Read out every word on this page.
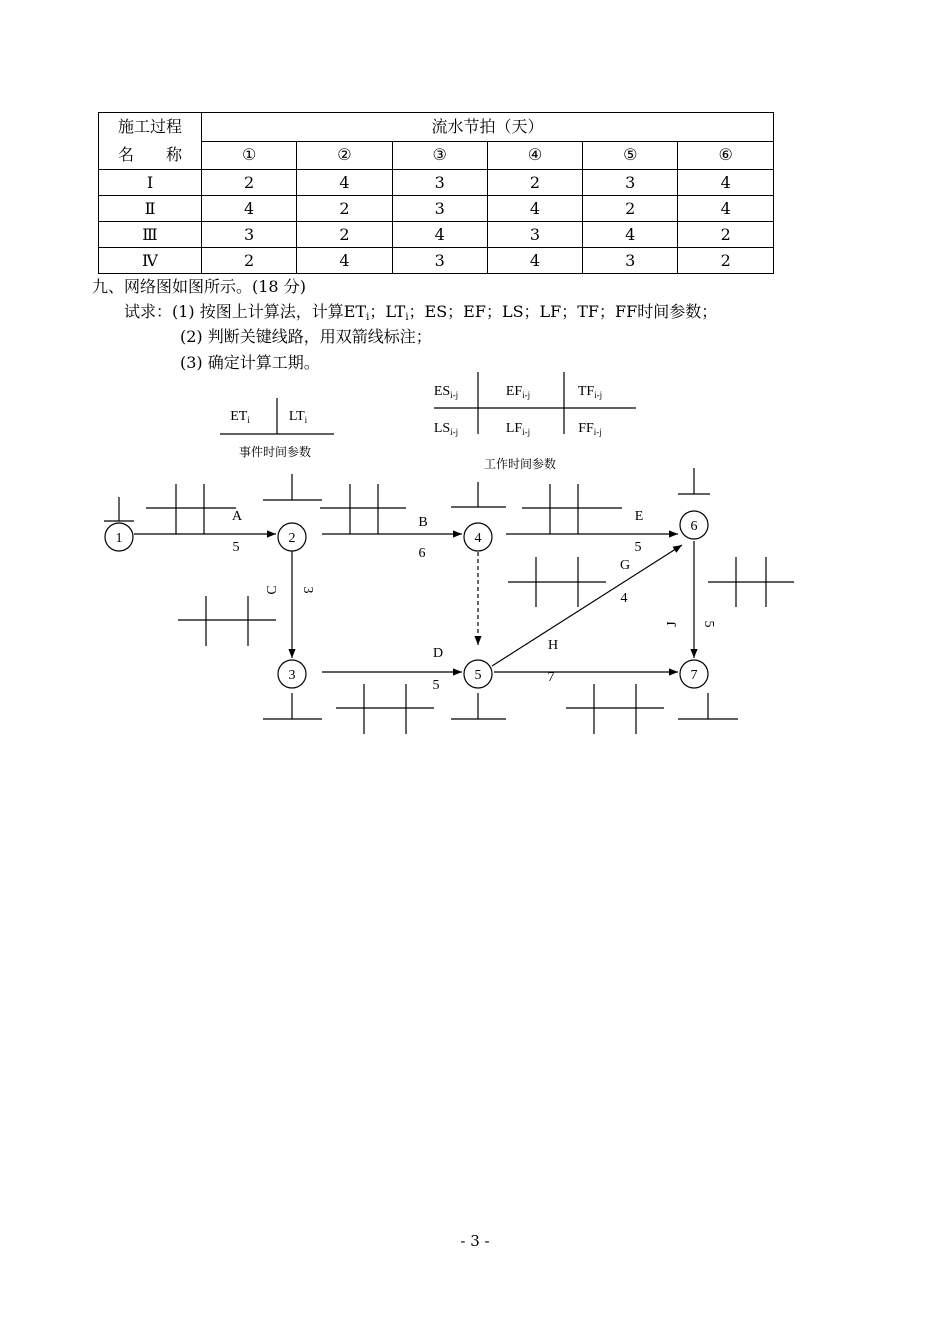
施工过程
名　　称	流水节拍（天）					
	①	②	③	④	⑤	⑥
Ⅰ	2	4	3	2	3	4
Ⅱ	4	2	3	4	2	4
Ⅲ	3	2	4	3	4	2
Ⅳ	2	4	3	4	3	2
九、网络图如图所示。(18 分)
试求：(1) 按图上计算法，计算$ET_i$；$LT_i$；ES；EF；LS；LF；TF；FF时间参数；
(2) 判断关键线路，用双箭线标注；
(3) 确定计算工期。
$ET_i$	$LT_i$
事件时间参数
$ES_{i-j}$	$EF_{i-j}$	$TF_{i-j}$
$LS_{i-j}$	$LF_{i-j}$	$FF_{i-j}$
工作时间参数
1	2
3
4
5
6
7
A
5
B
6
C 3
D
5
E
5
G
4
H
7
J 5
- 3 -
